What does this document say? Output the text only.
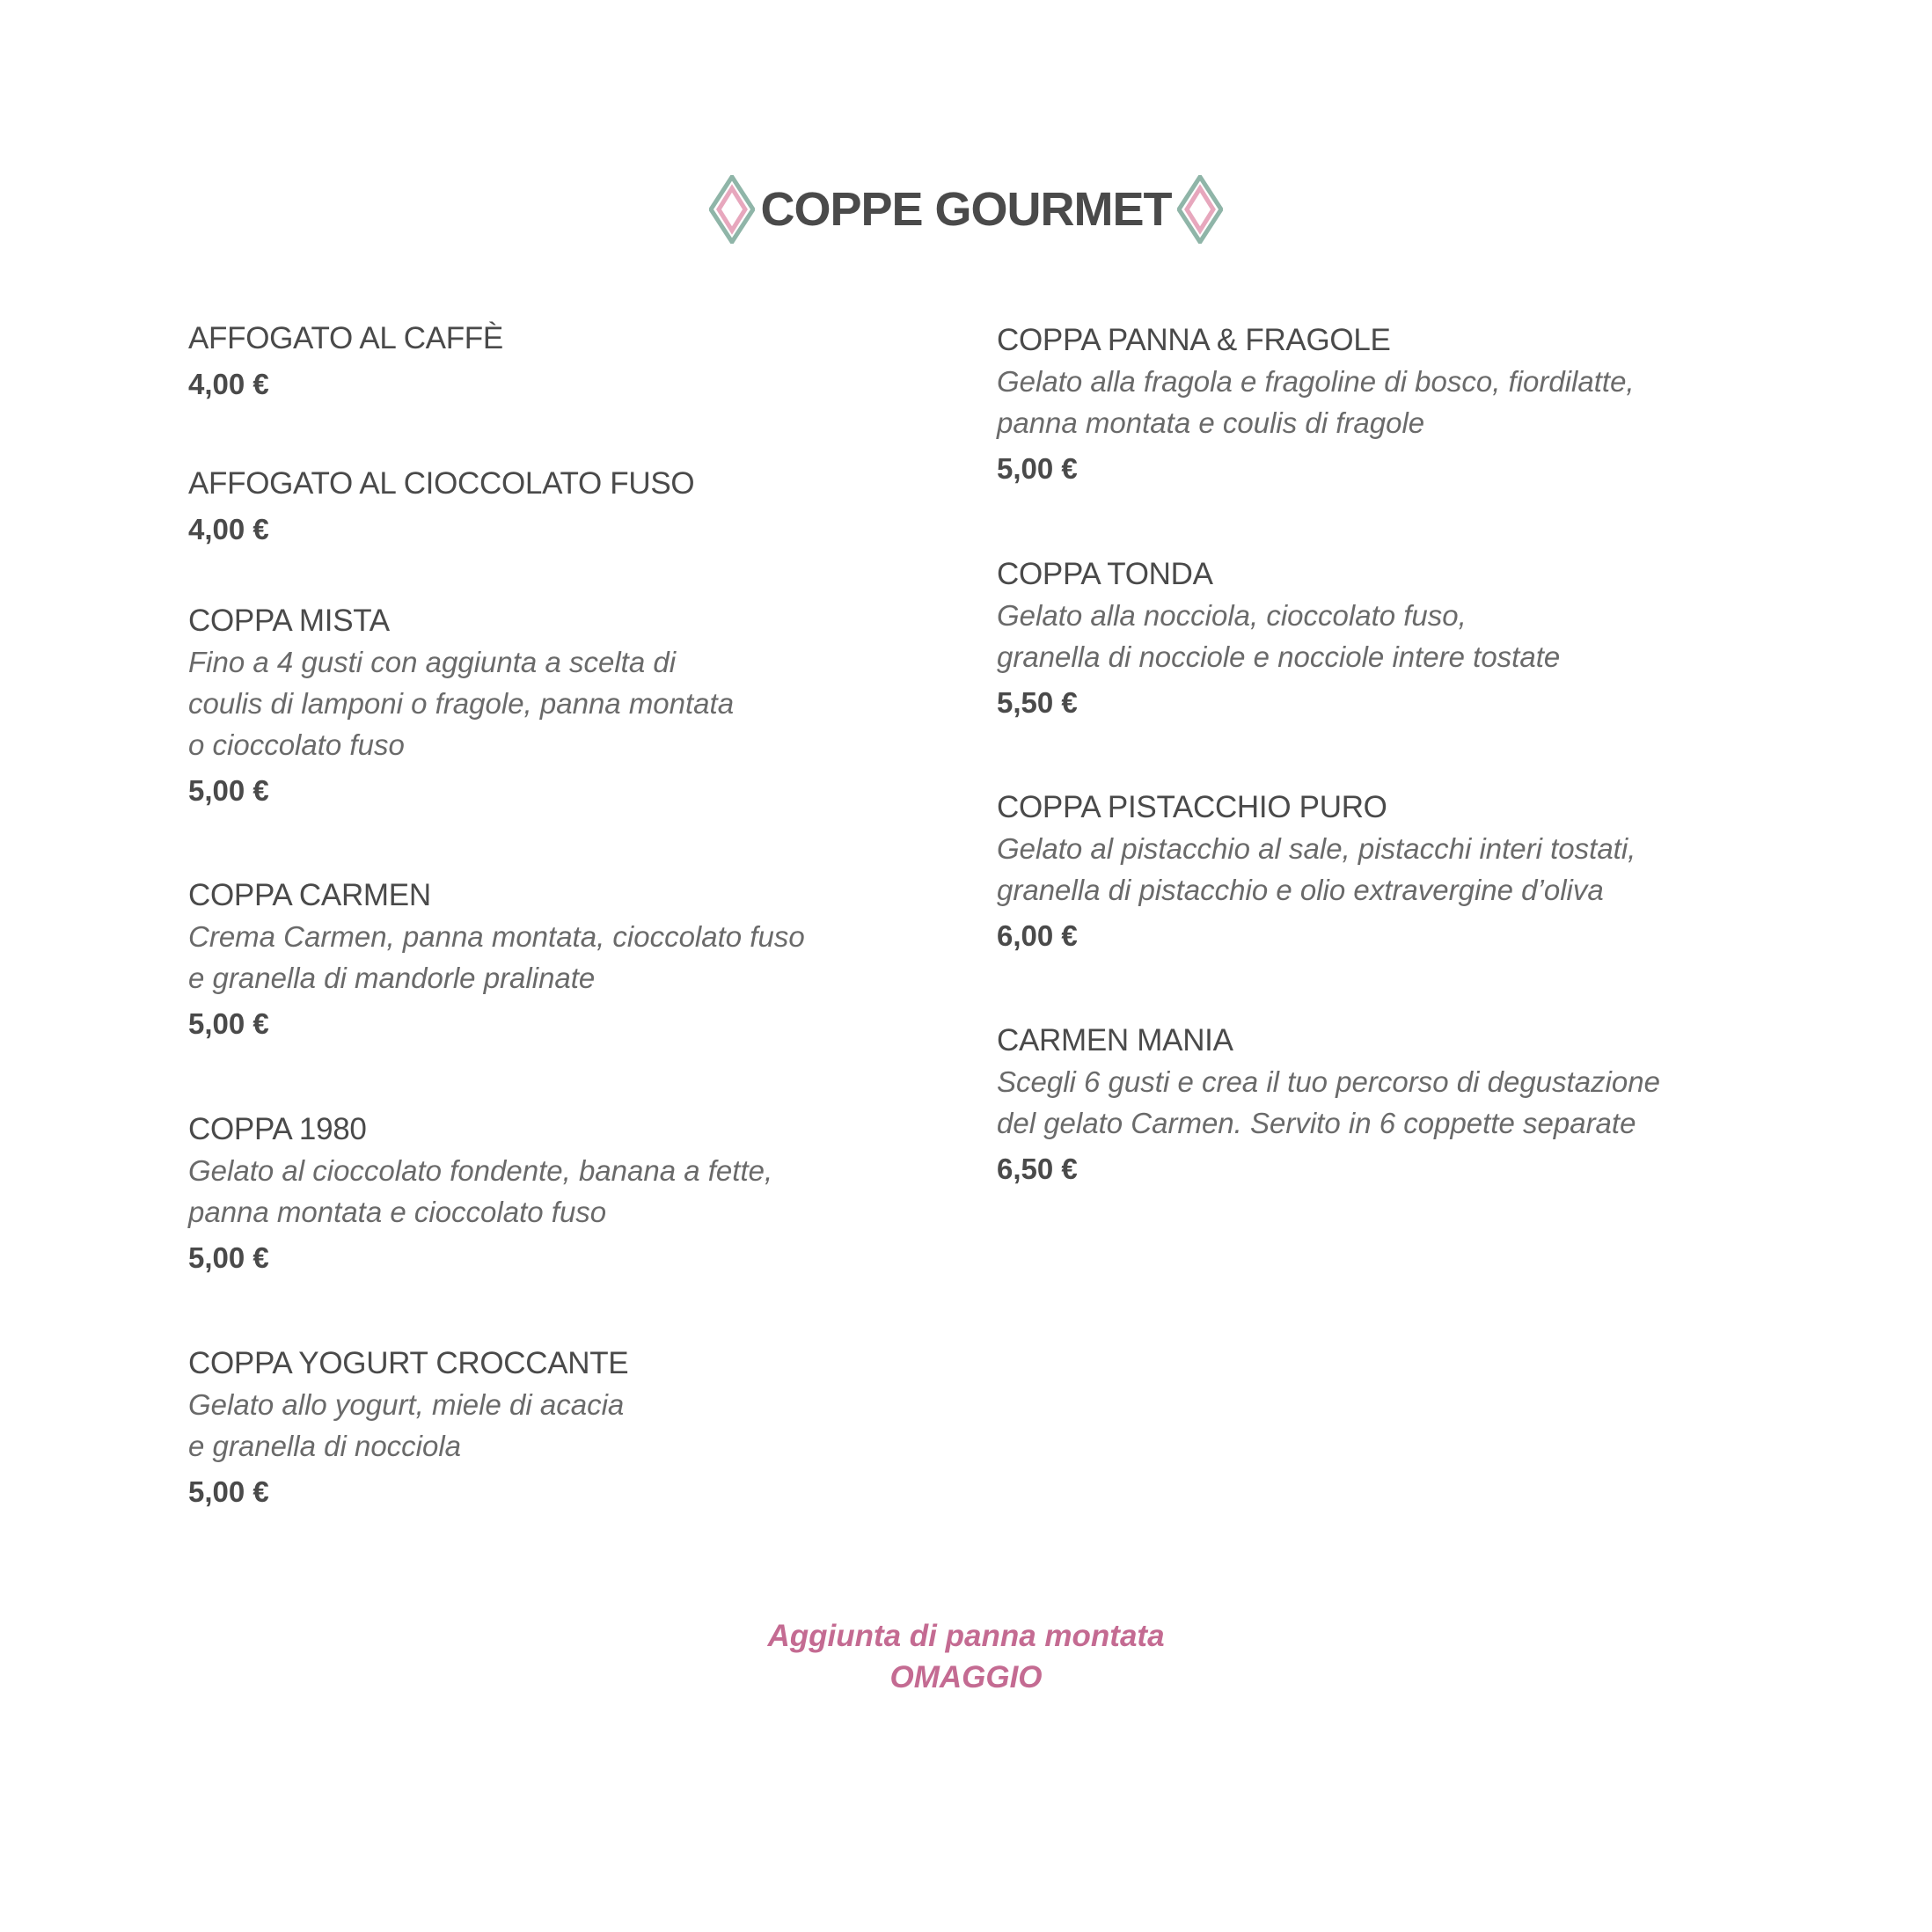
COPPE GOURMET
AFFOGATO AL CAFFÈ
4,00 €
AFFOGATO AL CIOCCOLATO FUSO
4,00 €
COPPA MISTA
Fino a 4 gusti con aggiunta a scelta di
coulis di lamponi o fragole, panna montata
o cioccolato fuso
5,00 €
COPPA CARMEN
Crema Carmen, panna montata, cioccolato fuso
e granella di mandorle pralinate
5,00 €
COPPA 1980
Gelato al cioccolato fondente, banana a fette,
panna montata e cioccolato fuso
5,00 €
COPPA YOGURT CROCCANTE
Gelato allo yogurt, miele di acacia
e granella di nocciola
5,00 €
COPPA PANNA & FRAGOLE
Gelato alla fragola e fragoline di bosco, fiordilatte,
panna montata e coulis di fragole
5,00 €
COPPA TONDA
Gelato alla nocciola, cioccolato fuso,
granella di nocciole e nocciole intere tostate
5,50 €
COPPA PISTACCHIO PURO
Gelato al pistacchio al sale, pistacchi interi tostati,
granella di pistacchio e olio extravergine d’oliva
6,00 €
CARMEN MANIA
Scegli 6 gusti e crea il tuo percorso di degustazione
del gelato Carmen. Servito in 6 coppette separate
6,50 €
Aggiunta di panna montata
OMAGGIO
